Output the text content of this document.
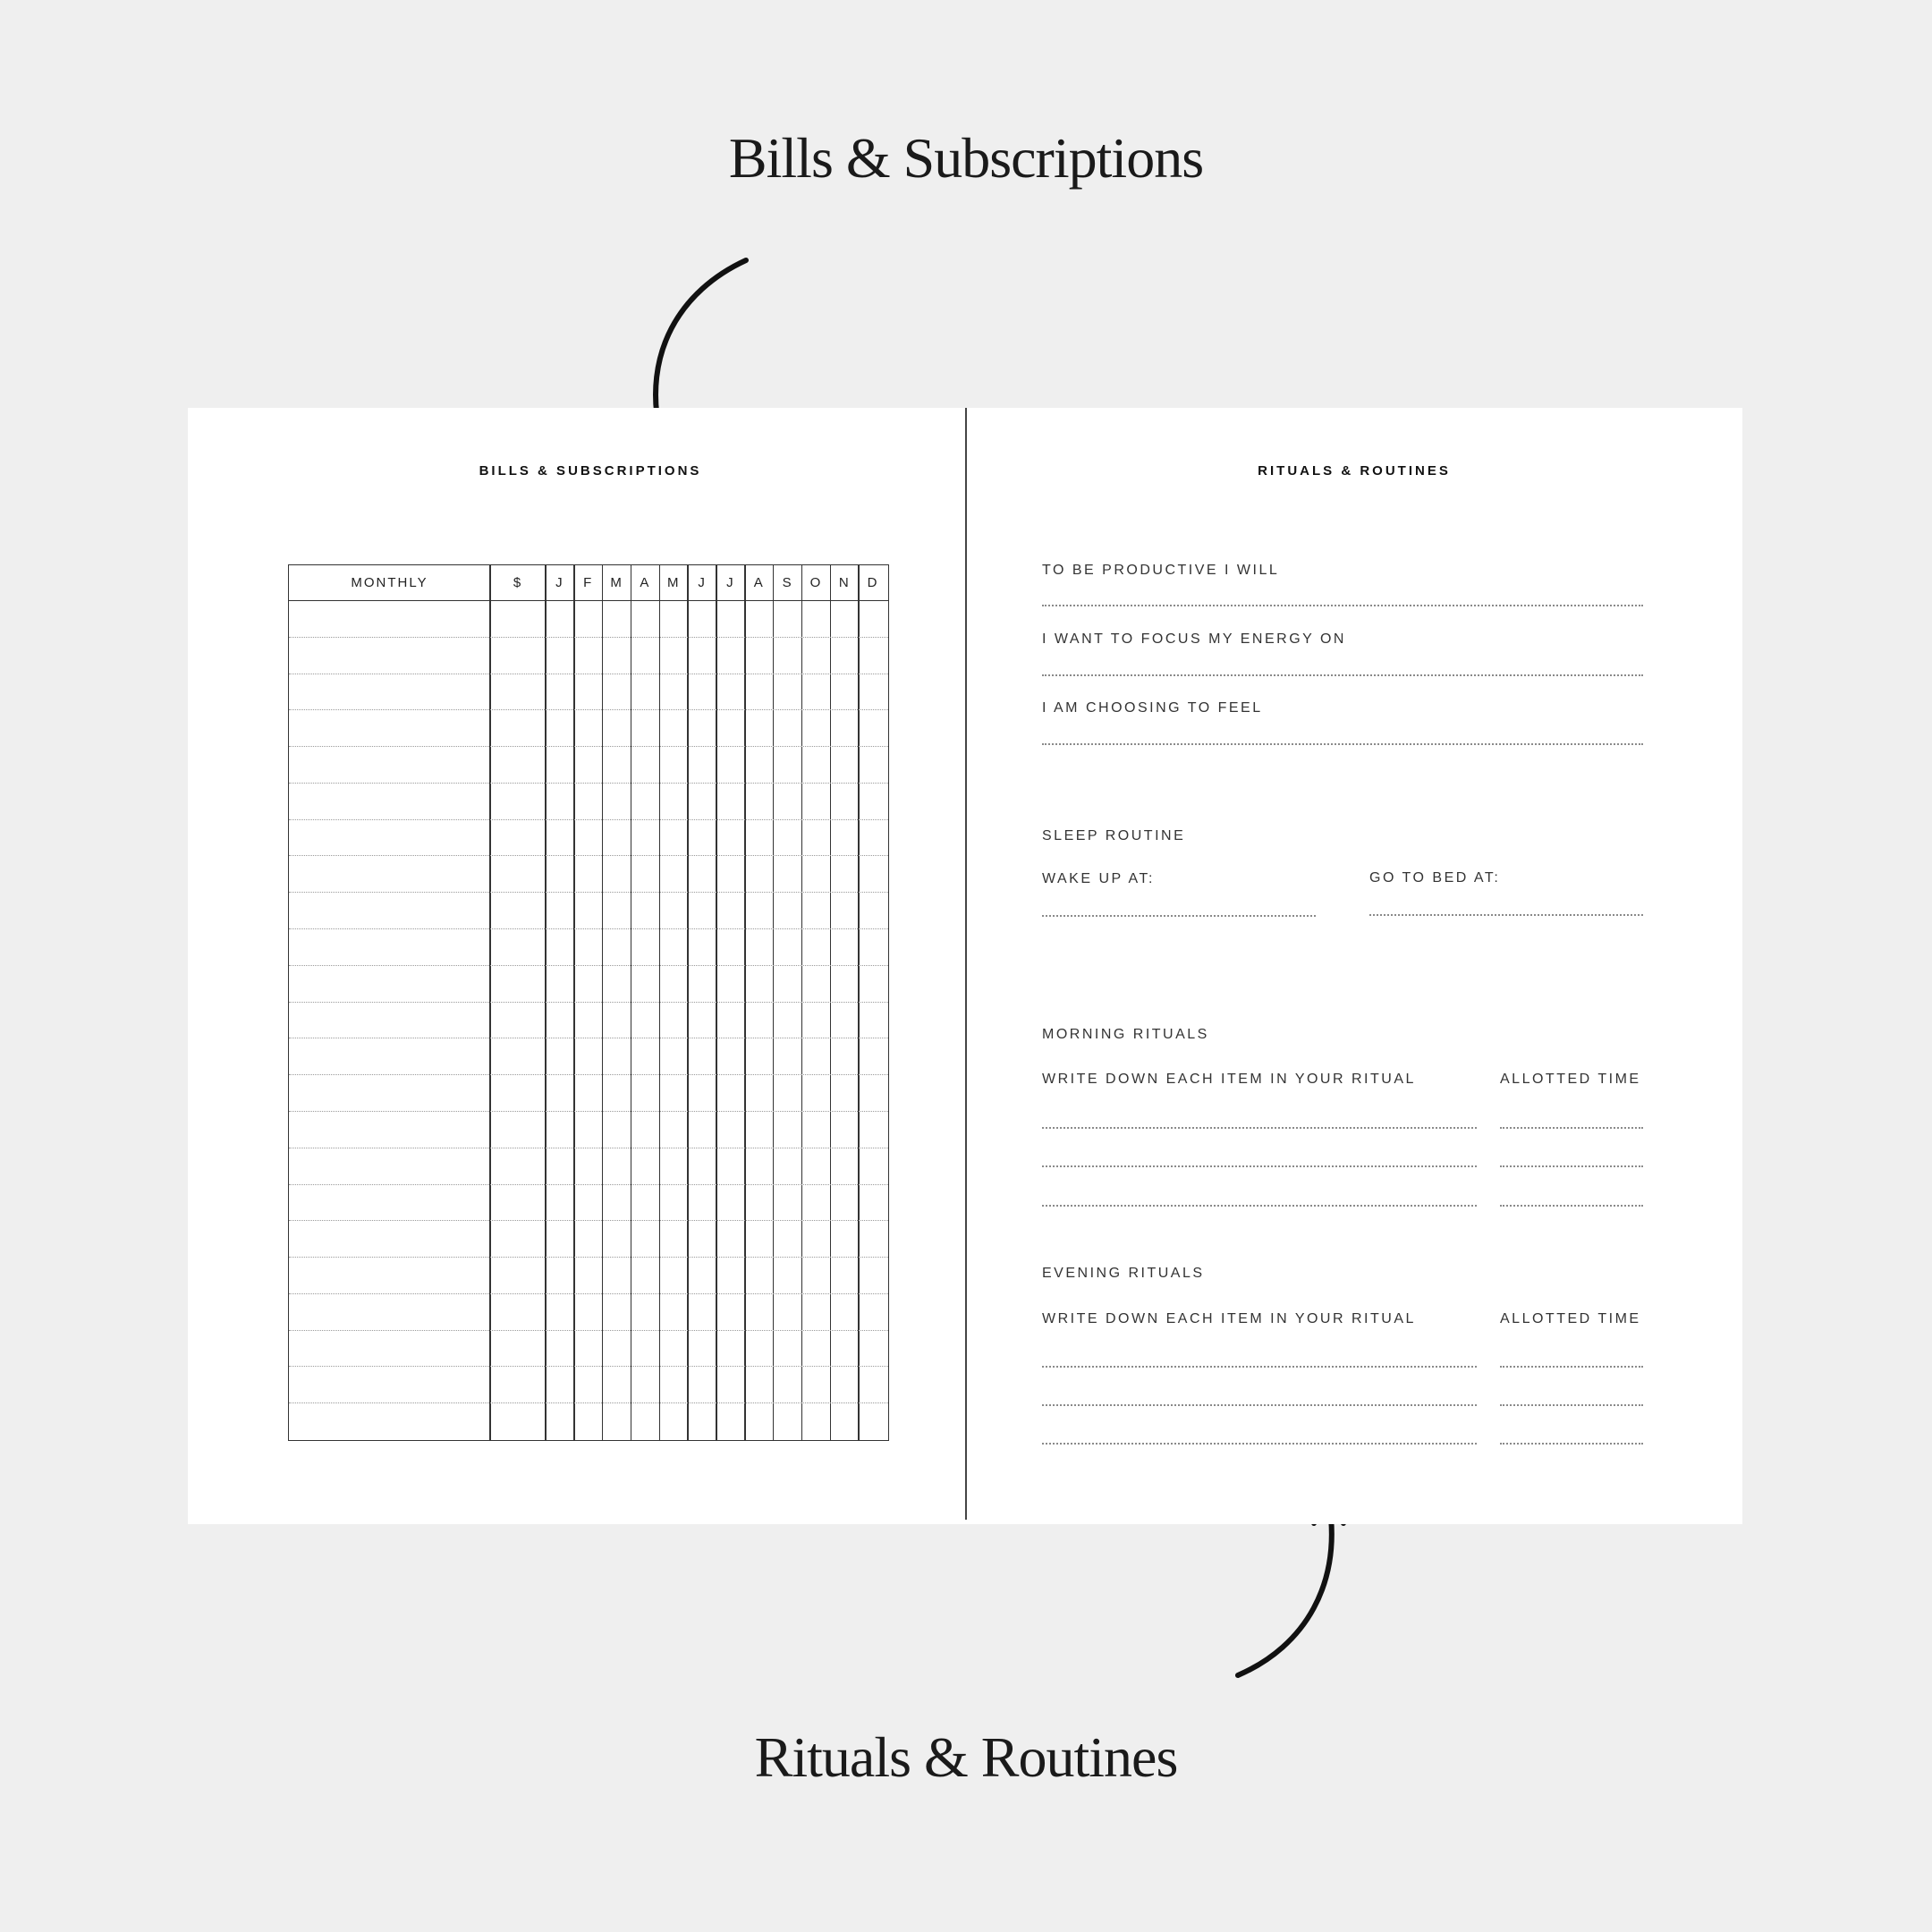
Bills & Subscriptions
BILLS & SUBSCRIPTIONS
MONTHLY	$	J	F	M	A	M	J	J	A	S	O	N	D
RITUALS & ROUTINES

TO BE PRODUCTIVE I WILL

I WANT TO FOCUS MY ENERGY ON

I AM CHOOSING TO FEEL

SLEEP ROUTINE

WAKE UP AT:	GO TO BED AT:

MORNING RITUALS

WRITE DOWN EACH ITEM IN YOUR RITUAL	ALLOTTED TIME

EVENING RITUALS

WRITE DOWN EACH ITEM IN YOUR RITUAL	ALLOTTED TIME

Rituals & Routines
